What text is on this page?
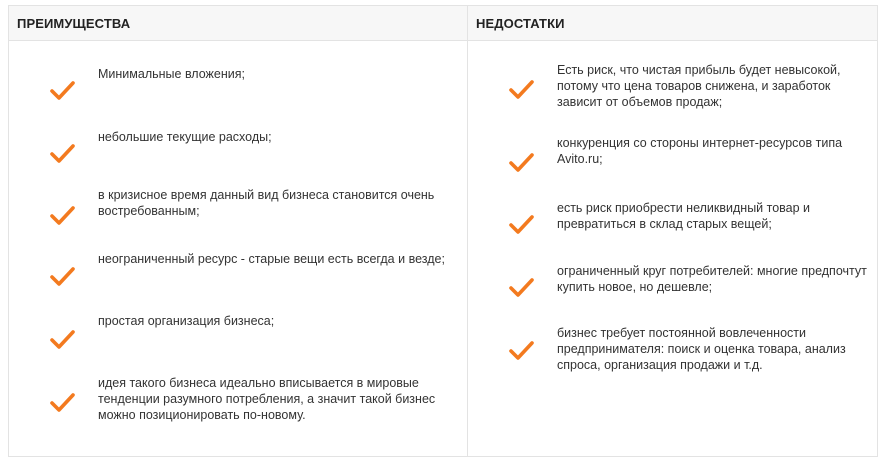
ПРЕИМУЩЕСТВА
Минимальные вложения;
небольшие текущие расходы;
в кризисное время данный вид бизнеса становится очень востребованным;
неограниченный ресурс - старые вещи есть всегда и везде;
простая организация бизнеса;
идея такого бизнеса идеально вписывается в мировые тенденции разумного потребления, а значит такой бизнес можно позиционировать по-новому.
НЕДОСТАТКИ
Есть риск, что чистая прибыль будет невысокой, потому что цена товаров снижена, и заработок зависит от объемов продаж;
конкуренция со стороны интернет-ресурсов типа Avito.ru;
есть риск приобрести неликвидный товар и превратиться в склад старых вещей;
ограниченный круг потребителей: многие предпочтут купить новое, но дешевле;
бизнес требует постоянной вовлеченности предпринимателя: поиск и оценка товара, анализ спроса, организация продажи и т.д.
